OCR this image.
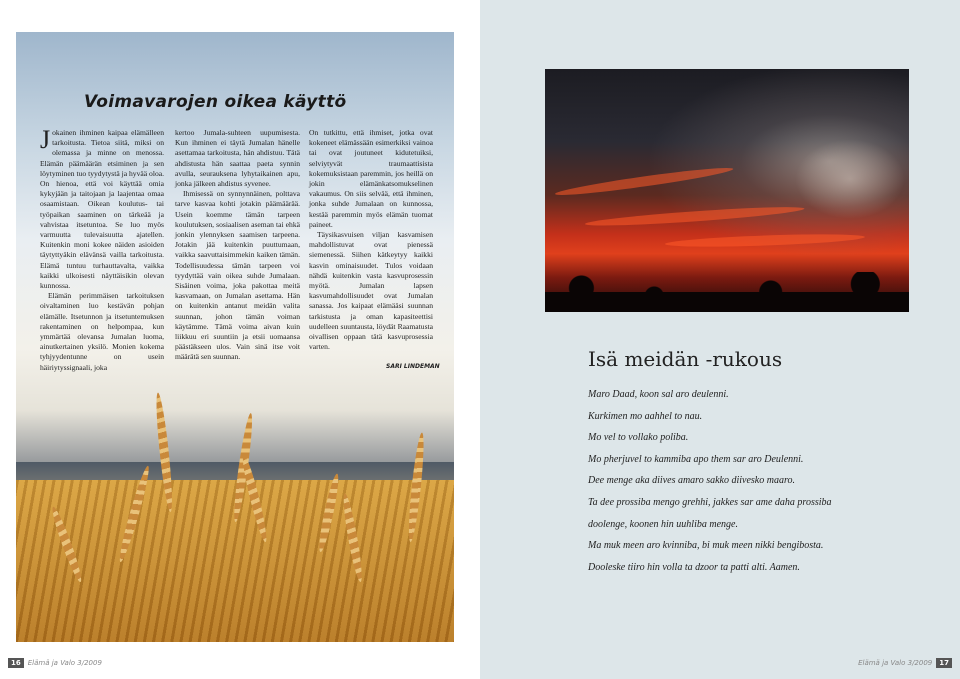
Voimavarojen oikea käyttö

Jokainen ihminen kaipaa elämälleen tarkoitusta. Tietoa siitä, miksi on olemassa ja minne on menossa. Elämän päämäärän etsiminen ja sen löytyminen tuo tyydytystä ja hyvää oloa. On hienoa, että voi käyttää omia kykyjään ja taitojaan ja laajentaa omaa osaamistaan. Oikean koulutus- tai työpaikan saaminen on tärkeää ja vahvistaa itsetuntoa. Se luo myös varmuutta tulevaisuutta ajatellen. Kuitenkin moni kokee näiden asioiden täytyttyäkin elävänsä vailla tarkoitusta. Elämä tuntuu turhauttavalta, vaikka kaikki ulkoisesti näyttäisikin olevan kunnossa.

Elämän perimmäisen tarkoituksen oivaltaminen luo kestävän pohjan elämälle. Itsetunnon ja itsetuntemuksen rakentaminen on helpompaa, kun ymmärtää olevansa Jumalan luoma, ainutkertainen yksilö. Monien kokema tyhjyydentunne on usein häiriytyssignaali, joka

kertoo Jumala-suhteen uupumisesta. Kun ihminen ei täytä Jumalan hänelle asettamaa tarkoitusta, hän ahdistuu. Tätä ahdistusta hän saattaa paeta synnin avulla, seurauksena lyhytaikainen apu, jonka jälkeen ahdistus syvenee.

Ihmisessä on synnynnäinen, polttava tarve kasvaa kohti jotakin päämäärää. Usein koemme tämän tarpeen koulutuksen, sosiaalisen aseman tai ehkä jonkin ylennyksen saamisen tarpeena. Jotakin jää kuitenkin puuttumaan, vaikka saavuttaisimmekin kaiken tämän. Todellisuudessa tämän tarpeen voi tyydyttää vain oikea suhde Jumalaan. Sisäinen voima, joka pakottaa meitä kasvamaan, on Jumalan asettama. Hän on kuitenkin antanut meidän valita suunnan, johon tämän voiman käytämme. Tämä voima aivan kuin liikkuu eri suuntiin ja etsii uomaansa päästäkseen ulos. Vain sinä itse voit määrätä sen suunnan.

On tutkittu, että ihmiset, jotka ovat kokeneet elämässään esimerkiksi vainoa tai ovat joutuneet kidutetuiksi, selviytyvät traumaattisista kokemuksistaan paremmin, jos heillä on jokin elämänkatsomukselinen vakaumus. On siis selvää, että ihminen, jonka suhde Jumalaan on kunnossa, kestää paremmin myös elämän tuomat paineet.

Täysikasvuisen viljan kasvamisen mahdollistuvat ovat pienessä siemenessä. Siihen kätkeytyy kaikki kasvin ominaisuudet. Tulos voidaan nähdä kuitenkin vasta kasvuprosessin myötä. Jumalan lapsen kasvumahdollisuudet ovat Jumalan sanassa. Jos kaipaat elämääsi suunnan tarkistusta ja oman kapasiteettisi uudelleen suuntausta, löydät Raamatusta oivallisen oppaan tätä kasvuprosessia varten.

SARI LINDEMAN
16 Elämä ja Valo 3/2009
Isä meidän -rukous
Maro Daad, koon sal aro deulenni.
Kurkimen mo aahhel to nau.
Mo vel to vollako poliba.
Mo pherjuvel to kammiba apo them sar aro Deulenni.
Dee menge aka diives amaro sakko diivesko maaro.
Ta dee prossiba mengo grehhi, jakkes sar ame daha prossiba
doolenge, koonen hin uuhliba menge.
Ma muk meen aro kvinniba, bi muk meen nikki bengibosta.
Dooleske tiiro hin volla ta dzoor ta patti alti. Aamen.
Elämä ja Valo 3/2009 17
